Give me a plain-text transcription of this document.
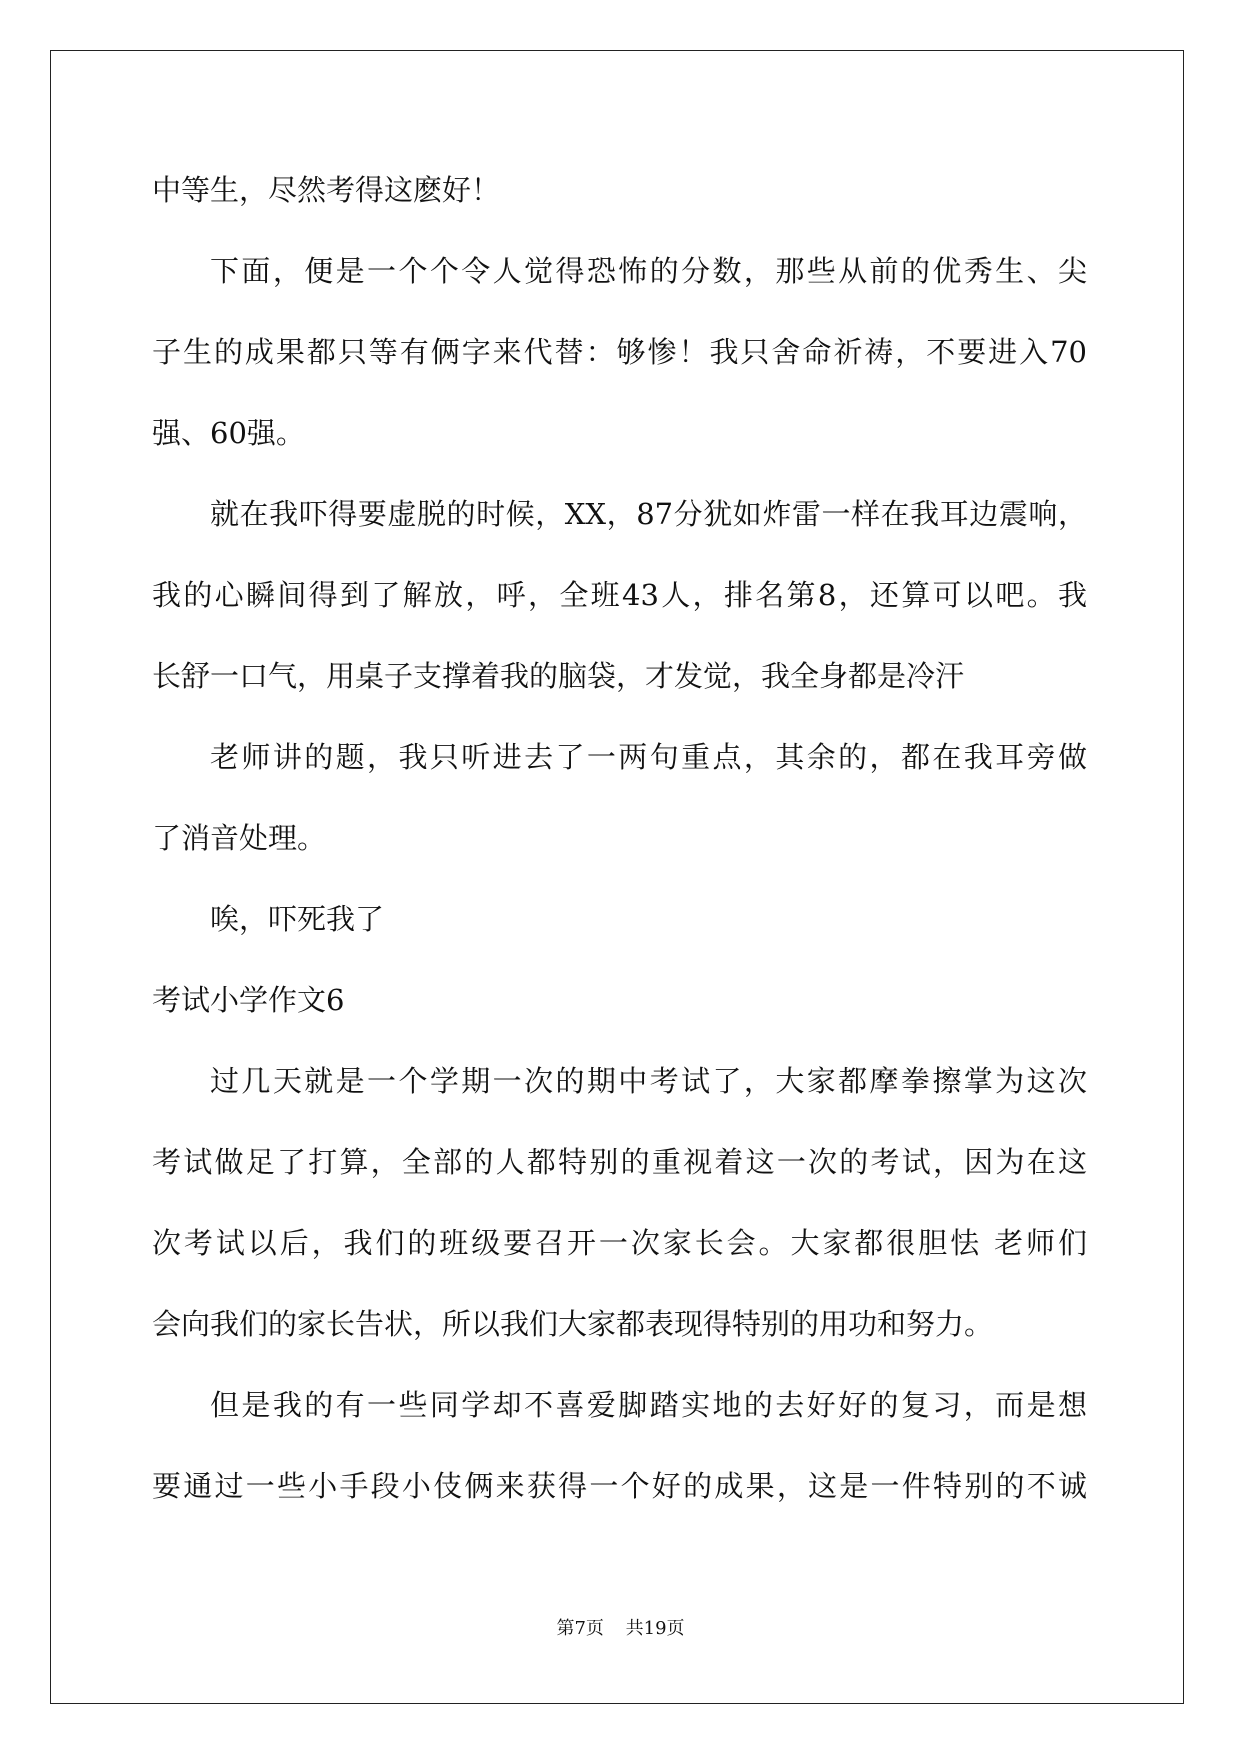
中等生，尽然考得这麽好！
下面，便是一个个令人觉得恐怖的分数，那些从前的优秀生、尖
子生的成果都只等有俩字来代替：够惨！我只舍命祈祷，不要进入70
强、60强。
就在我吓得要虚脱的时候，XX，87分犹如炸雷一样在我耳边震响，
我的心瞬间得到了解放，呼，全班43人，排名第8，还算可以吧。我
长舒一口气，用桌子支撑着我的脑袋，才发觉，我全身都是冷汗
老师讲的题，我只听进去了一两句重点，其余的，都在我耳旁做
了消音处理。
唉，吓死我了
考试小学作文6
过几天就是一个学期一次的期中考试了，大家都摩拳擦掌为这次
考试做足了打算，全部的人都特别的重视着这一次的考试，因为在这
次考试以后，我们的班级要召开一次家长会。大家都很胆怯 老师们
会向我们的家长告状，所以我们大家都表现得特别的用功和努力。
但是我的有一些同学却不喜爱脚踏实地的去好好的复习，而是想
要通过一些小手段小伎俩来获得一个好的成果，这是一件特别的不诚
第7页 共19页
